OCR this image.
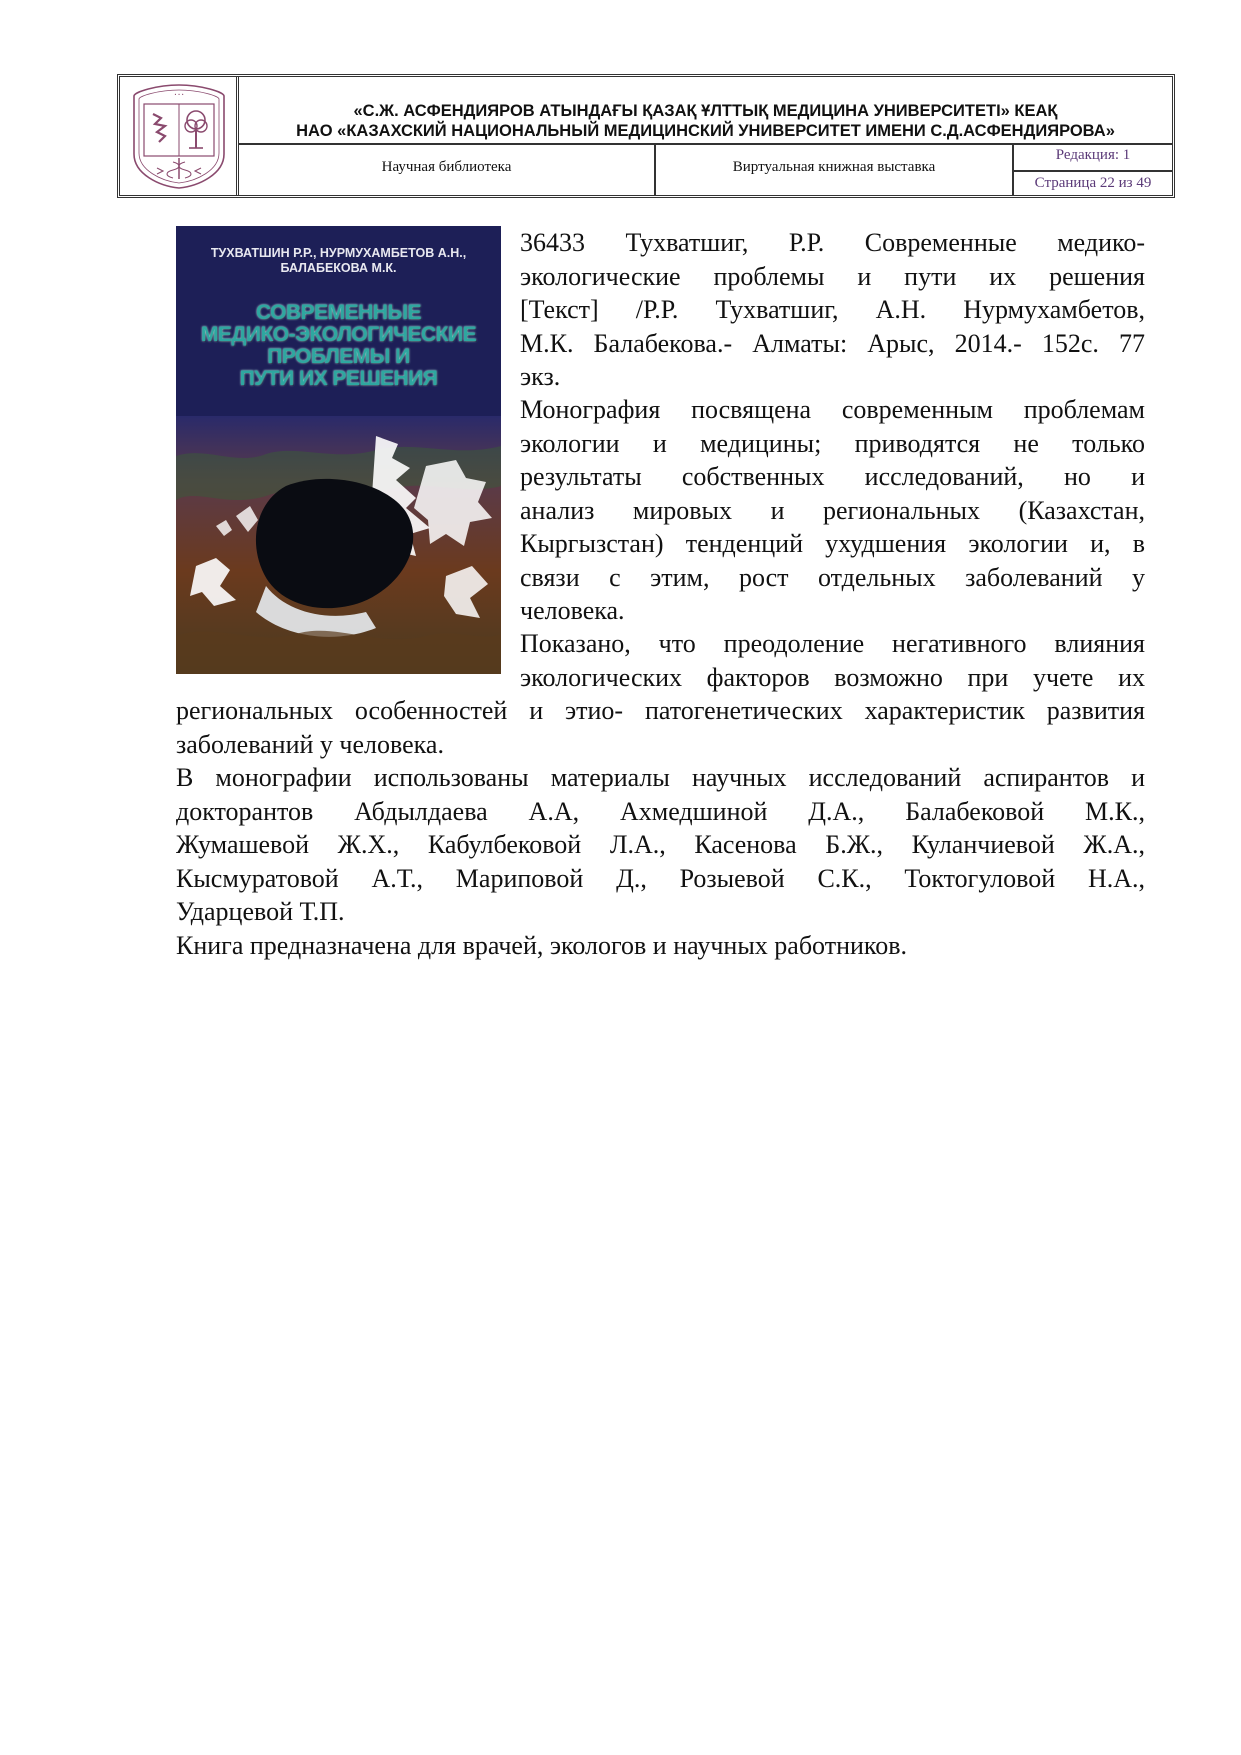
• • •
«С.Ж. АСФЕНДИЯРОВ АТЫНДАҒЫ ҚАЗАҚ ҰЛТТЫҚ МЕДИЦИНА УНИВЕРСИТЕТІ» КЕАҚ
НАО «КАЗАХСКИЙ НАЦИОНАЛЬНЫЙ МЕДИЦИНСКИЙ УНИВЕРСИТЕТ ИМЕНИ С.Д.АСФЕНДИЯРОВА»
Научная библиотека	Виртуальная книжная выставка
Редакция: 1
Страница 22 из 49
ТУХВАТШИН Р.Р., НУРМУХАМБЕТОВ А.Н.,
БАЛАБЕКОВА М.К.
СОВРЕМЕННЫЕ
МЕДИКО-ЭКОЛОГИЧЕСКИЕ
ПРОБЛЕМЫ И
ПУТИ ИХ РЕШЕНИЯ
36433 Тухватшиг, Р.Р. Современные медико-
экологические проблемы и пути их решения
[Текст] /Р.Р. Тухватшиг, А.Н. Нурмухамбетов,
М.К. Балабекова.- Алматы: Арыс, 2014.- 152с. 77
экз.
Монография посвящена современным проблемам
экологии и медицины; приводятся не только
результаты собственных исследований, но и
анализ мировых и региональных (Казахстан,
Кыргызстан) тенденций ухудшения экологии и, в
связи с этим, рост отдельных заболеваний у
человека.
Показано, что преодоление негативного влияния
экологических факторов возможно при учете их
региональных особенностей и этио- патогенетических характеристик развития
заболеваний у человека.
В монографии использованы материалы научных исследований аспирантов и
докторантов Абдылдаева А.А, Ахмедшиной Д.А., Балабековой М.К.,
Жумашевой Ж.Х., Кабулбековой Л.А., Касенова Б.Ж., Куланчиевой Ж.А.,
Кысмуратовой А.Т., Мариповой Д., Розыевой С.К., Токтогуловой Н.А.,
Ударцевой Т.П.
Книга предназначена для врачей, экологов и научных работников.
